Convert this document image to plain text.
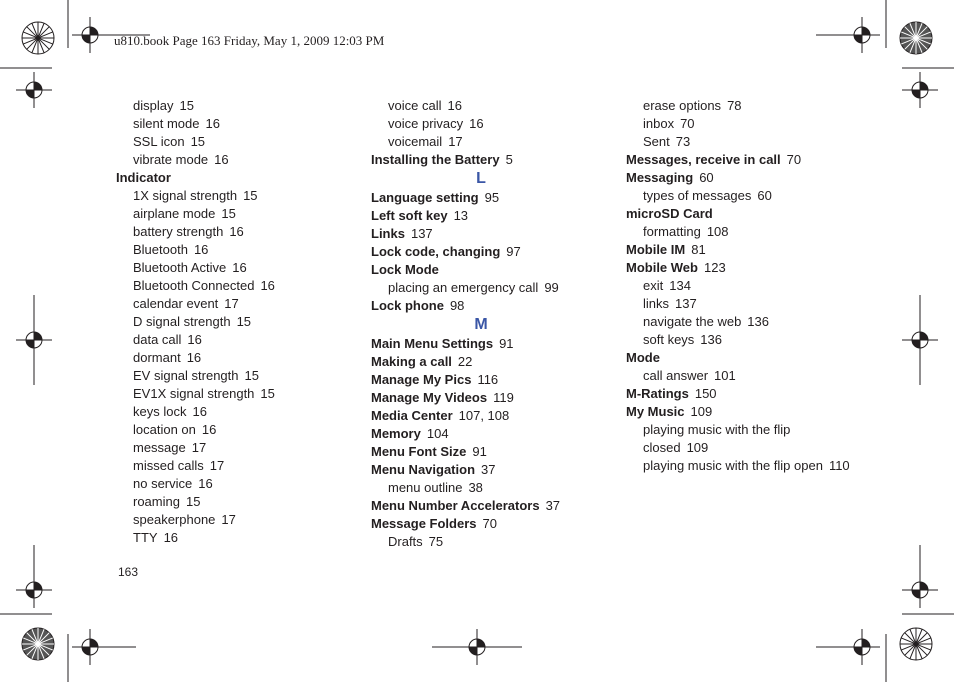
u810.book Page 163 Friday, May 1, 2009 12:03 PM
display 15
silent mode 16
SSL icon 15
vibrate mode 16
Indicator
1X signal strength 15
airplane mode 15
battery strength 16
Bluetooth 16
Bluetooth Active 16
Bluetooth Connected 16
calendar event 17
D signal strength 15
data call 16
dormant 16
EV signal strength 15
EV1X signal strength 15
keys lock 16
location on 16
message 17
missed calls 17
no service 16
roaming 15
speakerphone 17
TTY 16
voice call 16
voice privacy 16
voicemail 17
Installing the Battery 5
L
Language setting 95
Left soft key 13
Links 137
Lock code, changing 97
Lock Mode
placing an emergency call 99
Lock phone 98
M
Main Menu Settings 91
Making a call 22
Manage My Pics 116
Manage My Videos 119
Media Center 107, 108
Memory 104
Menu Font Size 91
Menu Navigation 37
menu outline 38
Menu Number Accelerators 37
Message Folders 70
Drafts 75
erase options 78
inbox 70
Sent 73
Messages, receive in call 70
Messaging 60
types of messages 60
microSD Card
formatting 108
Mobile IM 81
Mobile Web 123
exit 134
links 137
navigate the web 136
soft keys 136
Mode
call answer 101
M-Ratings 150
My Music 109
playing music with the flip
closed 109
playing music with the flip open 110
163
